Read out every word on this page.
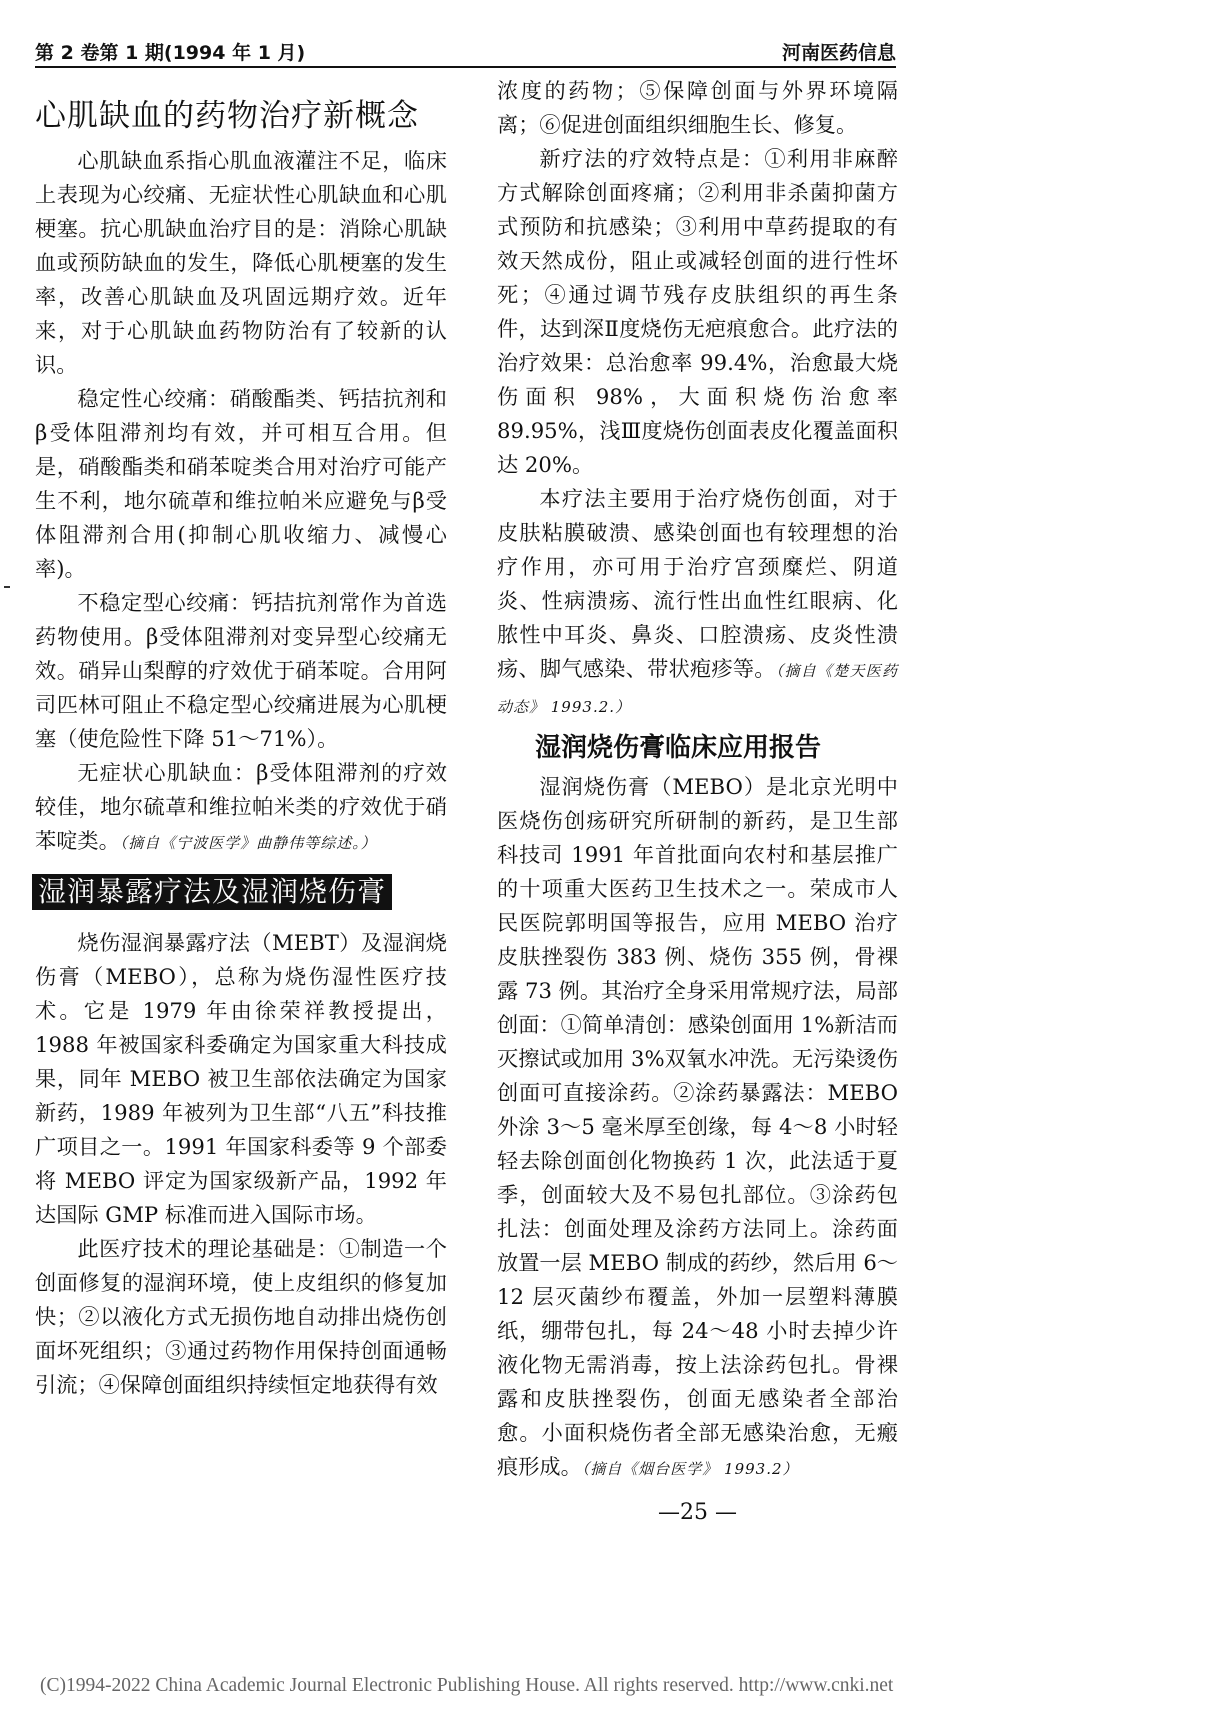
第 2 卷第 1 期(1994 年 1 月)	河南医药信息
心肌缺血的药物治疗新概念

心肌缺血系指心肌血液灌注不足，临床上表现为心绞痛、无症状性心肌缺血和心肌梗塞。抗心肌缺血治疗目的是：消除心肌缺血或预防缺血的发生，降低心肌梗塞的发生率，改善心肌缺血及巩固远期疗效。近年来，对于心肌缺血药物防治有了较新的认识。

稳定性心绞痛：硝酸酯类、钙拮抗剂和β受体阻滞剂均有效，并可相互合用。但是，硝酸酯类和硝苯啶类合用对治疗可能产生不利，地尔硫䓬和维拉帕米应避免与β受体阻滞剂合用(抑制心肌收缩力、减慢心率)。

不稳定型心绞痛：钙拮抗剂常作为首选药物使用。β受体阻滞剂对变异型心绞痛无效。硝异山梨醇的疗效优于硝苯啶。合用阿司匹林可阻止不稳定型心绞痛进展为心肌梗塞（使危险性下降 51～71%）。

无症状心肌缺血：β受体阻滞剂的疗效较佳，地尔硫䓬和维拉帕米类的疗效优于硝苯啶类。（摘自《宁波医学》曲静伟等综述。）

湿润暴露疗法及湿润烧伤膏

烧伤湿润暴露疗法（MEBT）及湿润烧伤膏（MEBO），总称为烧伤湿性医疗技术。它是 1979 年由徐荣祥教授提出，1988 年被国家科委确定为国家重大科技成果，同年 MEBO 被卫生部依法确定为国家新药，1989 年被列为卫生部“八五”科技推广项目之一。1991 年国家科委等 9 个部委将 MEBO 评定为国家级新产品，1992 年达国际 GMP 标准而进入国际市场。

此医疗技术的理论基础是：①制造一个创面修复的湿润环境，使上皮组织的修复加快；②以液化方式无损伤地自动排出烧伤创面坏死组织；③通过药物作用保持创面通畅引流；④保障创面组织持续恒定地获得有效

浓度的药物；⑤保障创面与外界环境隔离；⑥促进创面组织细胞生长、修复。

新疗法的疗效特点是：①利用非麻醉方式解除创面疼痛；②利用非杀菌抑菌方式预防和抗感染；③利用中草药提取的有效天然成份，阻止或减轻创面的进行性坏死；④通过调节残存皮肤组织的再生条件，达到深Ⅱ度烧伤无疤痕愈合。此疗法的治疗效果：总治愈率 99.4%，治愈最大烧伤面积 98%，大面积烧伤治愈率 89.95%，浅Ⅲ度烧伤创面表皮化覆盖面积达 20%。

本疗法主要用于治疗烧伤创面，对于皮肤粘膜破溃、感染创面也有较理想的治疗作用，亦可用于治疗宫颈糜烂、阴道炎、性病溃疡、流行性出血性红眼病、化脓性中耳炎、鼻炎、口腔溃疡、皮炎性溃疡、脚气感染、带状疱疹等。（摘自《楚天医药动态》 1993.2.）

湿润烧伤膏临床应用报告

湿润烧伤膏（MEBO）是北京光明中医烧伤创疡研究所研制的新药，是卫生部科技司 1991 年首批面向农村和基层推广的十项重大医药卫生技术之一。荣成市人民医院郭明国等报告，应用 MEBO 治疗皮肤挫裂伤 383 例、烧伤 355 例，骨裸露 73 例。其治疗全身采用常规疗法，局部创面：①简单清创：感染创面用 1%新洁而灭擦试或加用 3%双氧水冲洗。无污染烫伤创面可直接涂药。②涂药暴露法：MEBO 外涂 3～5 毫米厚至创缘，每 4～8 小时轻轻去除创面创化物换药 1 次，此法适于夏季，创面较大及不易包扎部位。③涂药包扎法：创面处理及涂药方法同上。涂药面放置一层 MEBO 制成的药纱，然后用 6～12 层灭菌纱布覆盖，外加一层塑料薄膜纸，绷带包扎，每 24～48 小时去掉少许液化物无需消毒，按上法涂药包扎。骨裸露和皮肤挫裂伤，创面无感染者全部治愈。小面积烧伤者全部无感染治愈，无瘢痕形成。（摘自《烟台医学》 1993.2）

—25 —
(C)1994-2022 China Academic Journal Electronic Publishing House. All rights reserved. http://www.cnki.net
